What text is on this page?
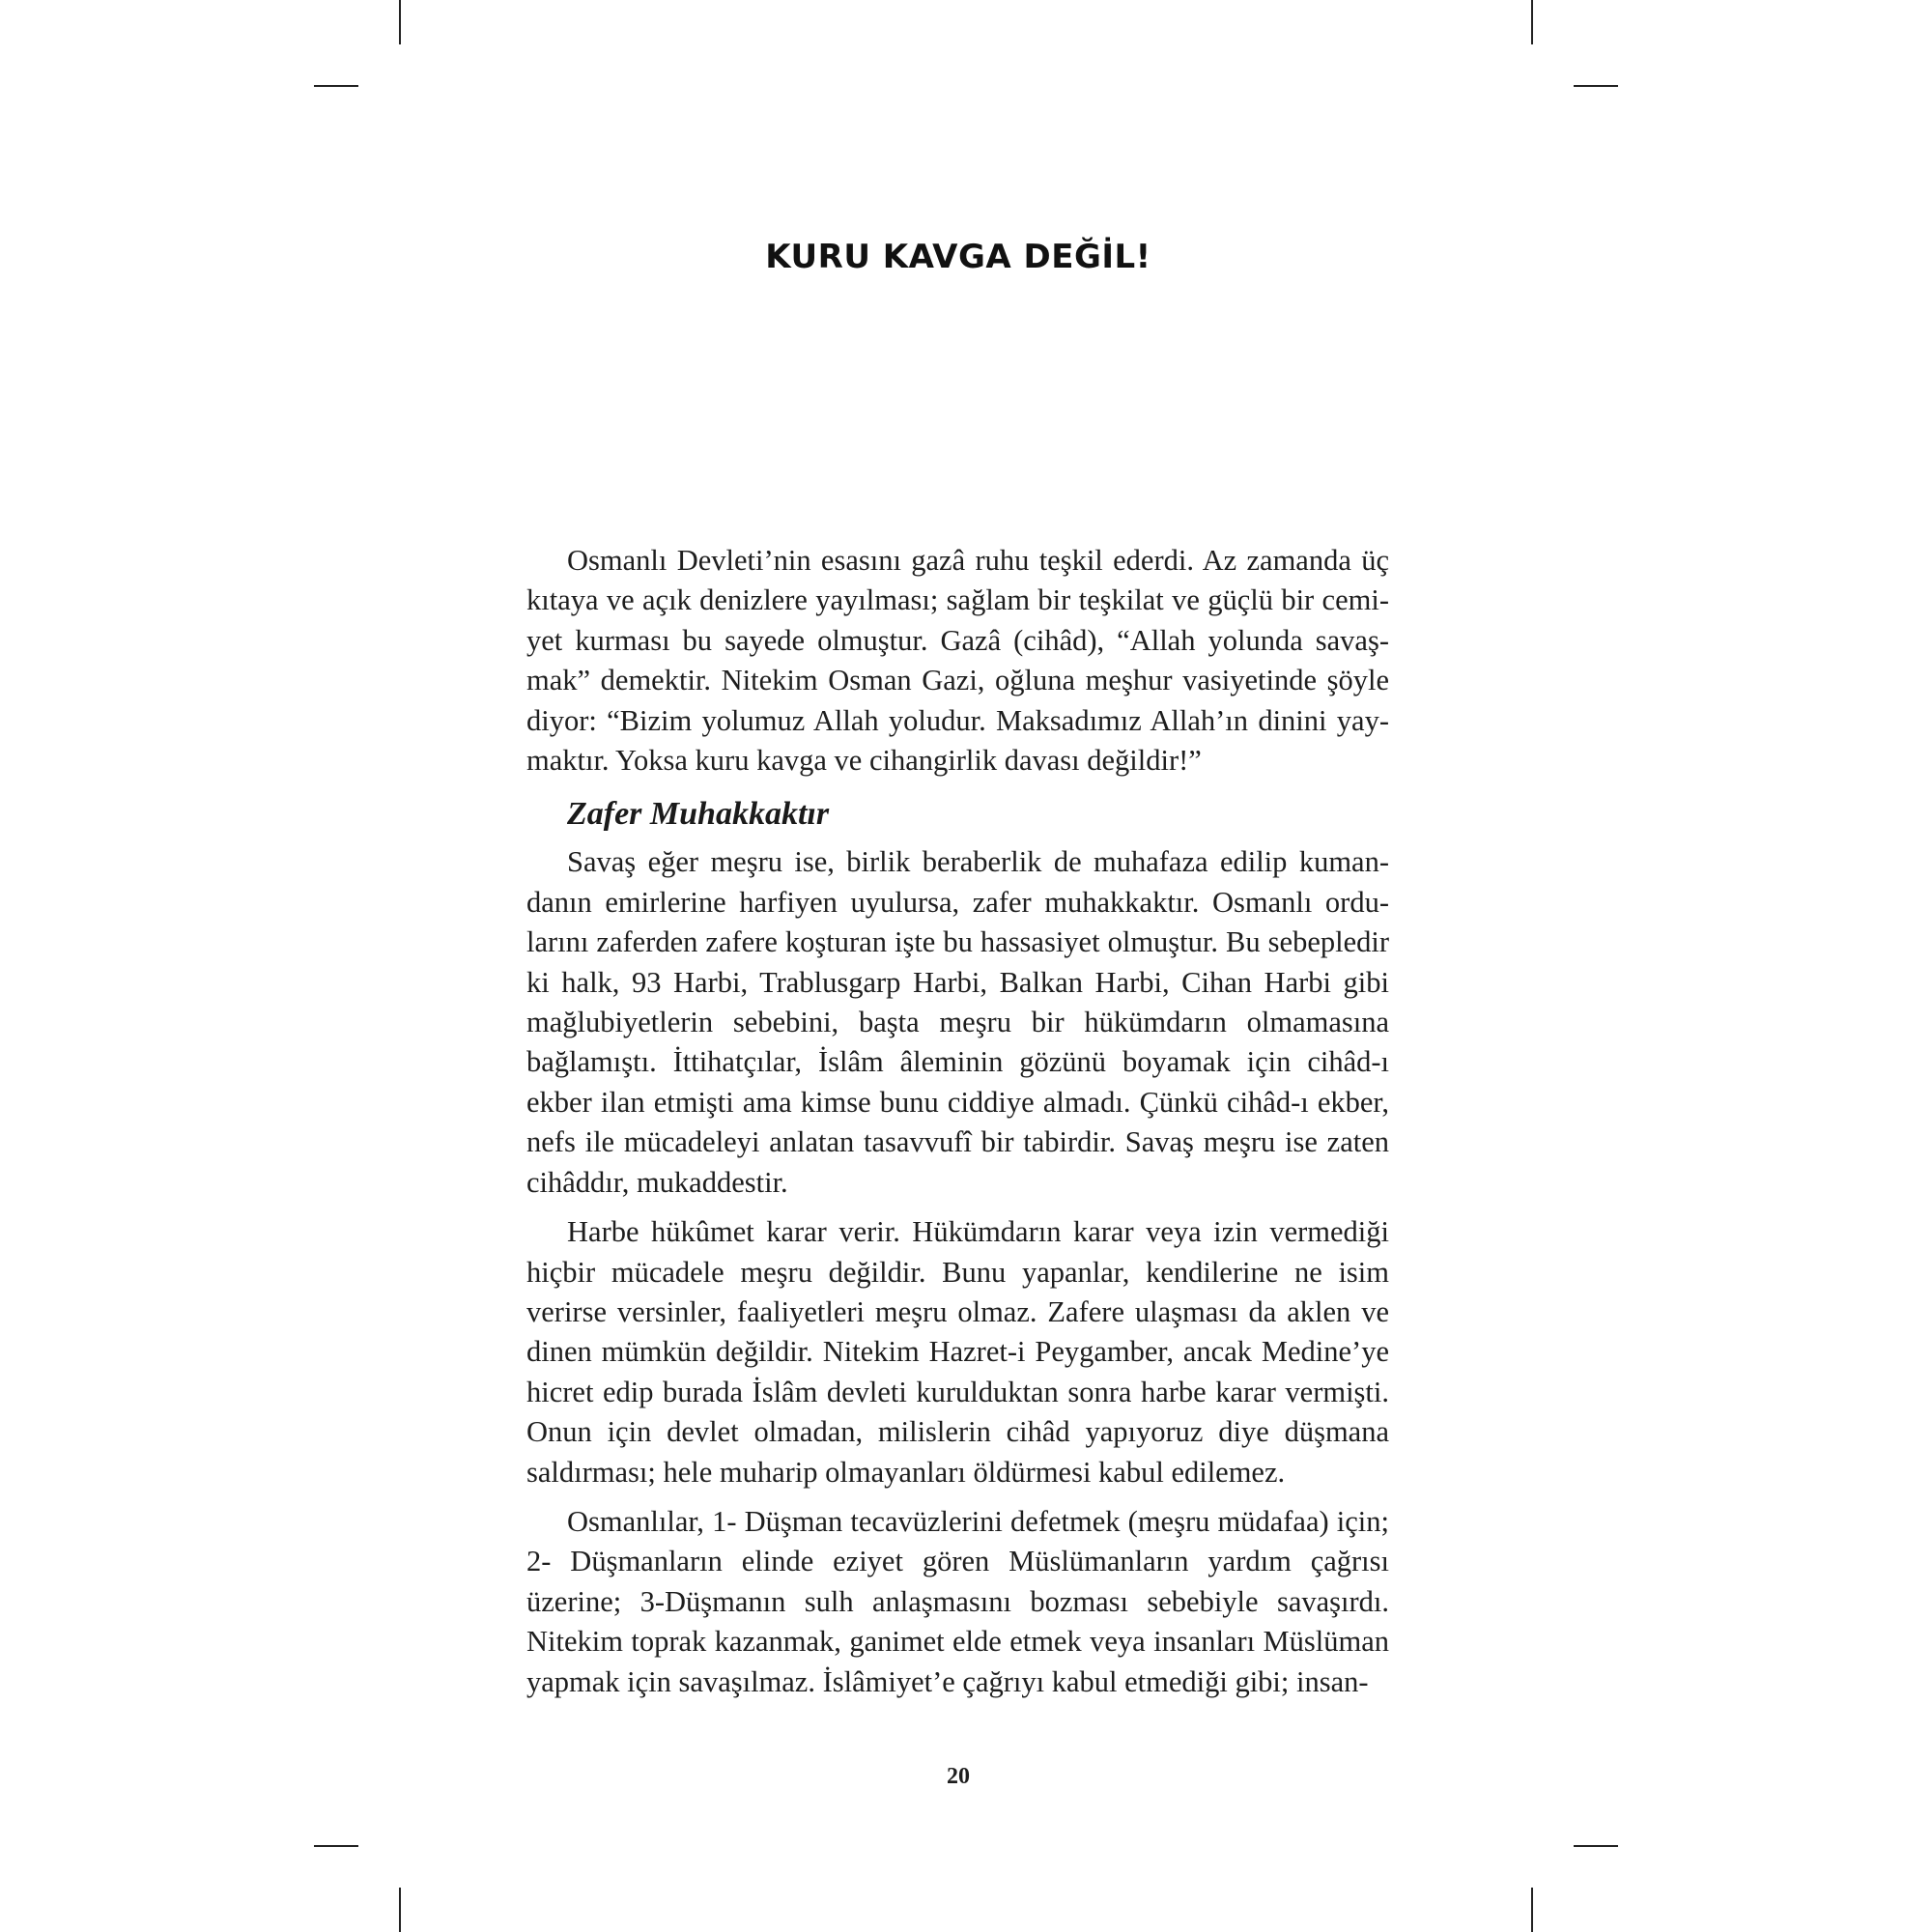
KURU KAVGA DEĞİL!

Osmanlı Devleti’nin esasını gazâ ruhu teşkil ederdi. Az zamanda üç kıtaya ve açık denizlere yayılması; sağlam bir teşkilat ve güçlü bir cemiyet kurması bu sayede olmuştur. Gazâ (cihâd), “Allah yolunda savaşmak” demektir. Nitekim Osman Gazi, oğluna meşhur vasiyetinde şöyle diyor: “Bizim yolumuz Allah yoludur. Maksadımız Allah’ın dinini yaymaktır. Yoksa kuru kavga ve cihangirlik davası değildir!”

Zafer Muhakkaktır

Savaş eğer meşru ise, birlik beraberlik de muhafaza edilip kumandanın emirlerine harfiyen uyulursa, zafer muhakkaktır. Osmanlı ordularını zaferden zafere koşturan işte bu hassasiyet olmuştur. Bu sebepledir ki halk, 93 Harbi, Trablusgarp Harbi, Balkan Harbi, Cihan Harbi gibi mağlubiyetlerin sebebini, başta meşru bir hükümdarın olmamasına bağlamıştı. İttihatçılar, İslâm âleminin gözünü boyamak için cihâd-ı ekber ilan etmişti ama kimse bunu ciddiye almadı. Çünkü cihâd-ı ekber, nefs ile mücadeleyi anlatan tasavvufî bir tabirdir. Savaş meşru ise zaten cihâddır, mukaddestir.

Harbe hükûmet karar verir. Hükümdarın karar veya izin vermediği hiçbir mücadele meşru değildir. Bunu yapanlar, kendilerine ne isim verirse versinler, faaliyetleri meşru olmaz. Zafere ulaşması da aklen ve dinen mümkün değildir. Nitekim Hazret-i Peygamber, ancak Medine’ye hicret edip burada İslâm devleti kurulduktan sonra harbe karar vermişti. Onun için devlet olmadan, milislerin cihâd yapıyoruz diye düşmana saldırması; hele muharip olmayanları öldürmesi kabul edilemez.

Osmanlılar, 1- Düşman tecavüzlerini defetmek (meşru müdafaa) için; 2- Düşmanların elinde eziyet gören Müslümanların yardım çağrısı üzerine; 3-Düşmanın sulh anlaşmasını bozması sebebiyle savaşırdı. Nitekim toprak kazanmak, ganimet elde etmek veya insanları Müslüman yapmak için savaşılmaz. İslâmiyet’e çağrıyı kabul etmediği gibi; insan-

20
